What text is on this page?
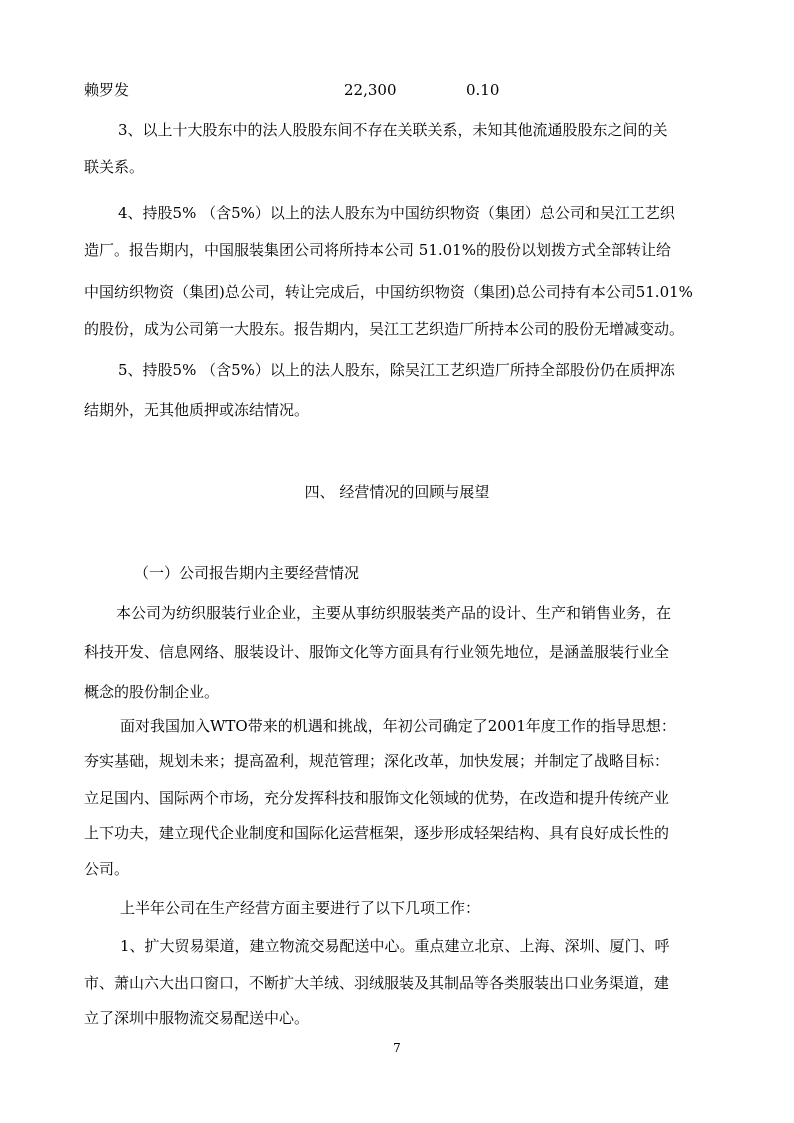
赖罗发	22,300	0.10
3、以上十大股东中的法人股股东间不存在关联关系，未知其他流通股股东之间的关
联关系。
4、持股5% （含5%）以上的法人股东为中国纺织物资（集团）总公司和吴江工艺织
造厂。报告期内，中国服装集团公司将所持本公司 51.01%的股份以划拨方式全部转让给
中国纺织物资（集团)总公司，转让完成后，中国纺织物资（集团)总公司持有本公司51.01%
的股份，成为公司第一大股东。报告期内，吴江工艺织造厂所持本公司的股份无增减变动。
5、持股5% （含5%）以上的法人股东，除吴江工艺织造厂所持全部股份仍在质押冻
结期外，无其他质押或冻结情况。
四、 经营情况的回顾与展望
（一）公司报告期内主要经营情况
本公司为纺织服装行业企业，主要从事纺织服装类产品的设计、生产和销售业务，在
科技开发、信息网络、服装设计、服饰文化等方面具有行业领先地位，是涵盖服装行业全
概念的股份制企业。
面对我国加入WTO带来的机遇和挑战，年初公司确定了2001年度工作的指导思想：
夯实基础，规划未来；提高盈利，规范管理；深化改革，加快发展；并制定了战略目标：
立足国内、国际两个市场，充分发挥科技和服饰文化领域的优势，在改造和提升传统产业
上下功夫，建立现代企业制度和国际化运营框架，逐步形成轻架结构、具有良好成长性的
公司。
上半年公司在生产经营方面主要进行了以下几项工作：
1、扩大贸易渠道，建立物流交易配送中心。重点建立北京、上海、深圳、厦门、呼
市、萧山六大出口窗口，不断扩大羊绒、羽绒服装及其制品等各类服装出口业务渠道，建
立了深圳中服物流交易配送中心。
7
